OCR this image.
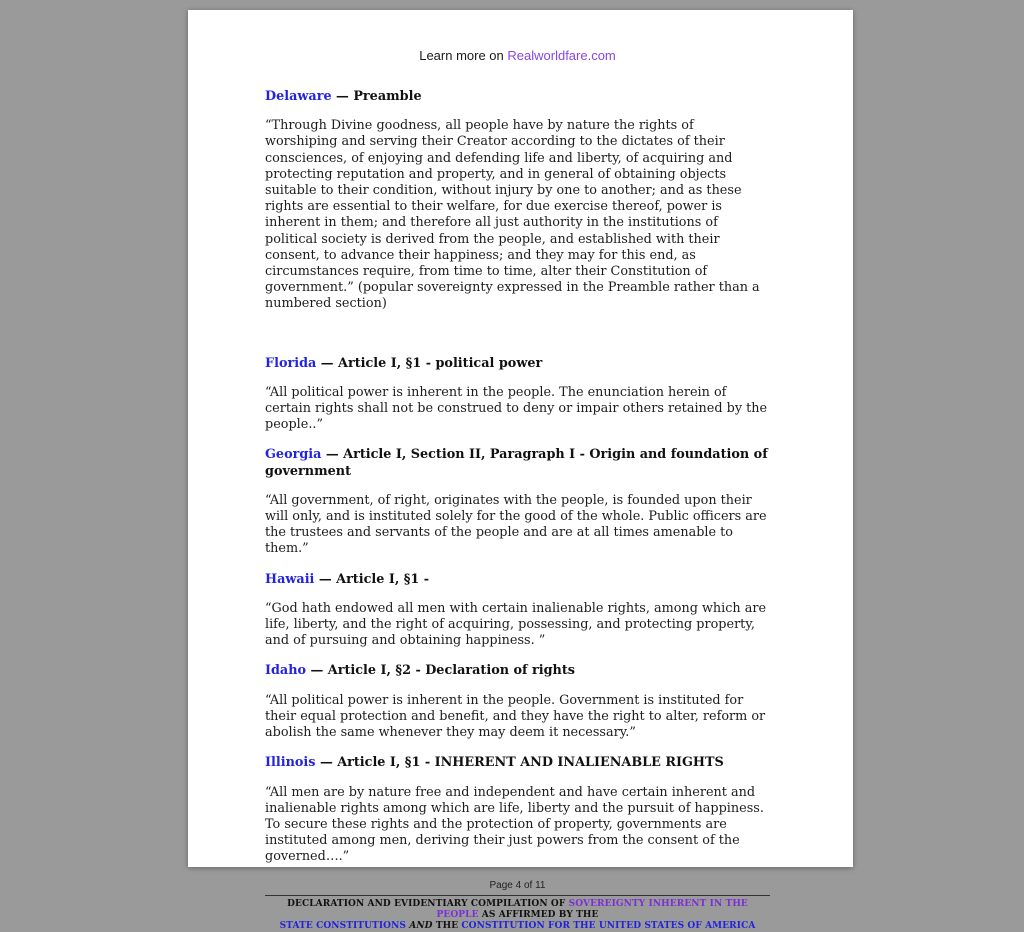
Learn more on Realworldfare.com
Delaware — Preamble

“Through Divine goodness, all people have by nature the rights of worshiping and serving their Creator according to the dictates of their consciences, of enjoying and defending life and liberty, of acquiring and protecting reputation and property, and in general of obtaining objects suitable to their condition, without injury by one to another; and as these rights are essential to their welfare, for due exercise thereof, power is inherent in them; and therefore all just authority in the institutions of political society is derived from the people, and established with their consent, to advance their happiness; and they may for this end, as circumstances require, from time to time, alter their Constitution of government.” (popular sovereignty expressed in the Preamble rather than a numbered section)

Florida — Article I, §1 - political power

“All political power is inherent in the people. The enunciation herein of certain rights shall not be construed to deny or impair others retained by the people..”

Georgia — Article I, Section II, Paragraph I - Origin and foundation of government

“All government, of right, originates with the people, is founded upon their will only, and is instituted solely for the good of the whole. Public officers are the trustees and servants of the people and are at all times amenable to them.”

Hawaii — Article I, §1 -

“God hath endowed all men with certain inalienable rights, among which are life, liberty, and the right of acquiring, possessing, and protecting property, and of pursuing and obtaining happiness. ”

Idaho — Article I, §2 - Declaration of rights

“All political power is inherent in the people. Government is instituted for their equal protection and benefit, and they have the right to alter, reform or abolish the same whenever they may deem it necessary.”

Illinois — Article I, §1 - INHERENT AND INALIENABLE RIGHTS

“All men are by nature free and independent and have certain inherent and inalienable rights among which are life, liberty and the pursuit of happiness. To secure these rights and the protection of property, governments are instituted among men, deriving their just powers from the consent of the governed….”

Page 4 of 11
DECLARATION AND EVIDENTIARY COMPILATION OF SOVEREIGNTY INHERENT IN THE PEOPLE AS AFFIRMED BY THE
STATE CONSTITUTIONS AND THE CONSTITUTION FOR THE UNITED STATES OF AMERICA
